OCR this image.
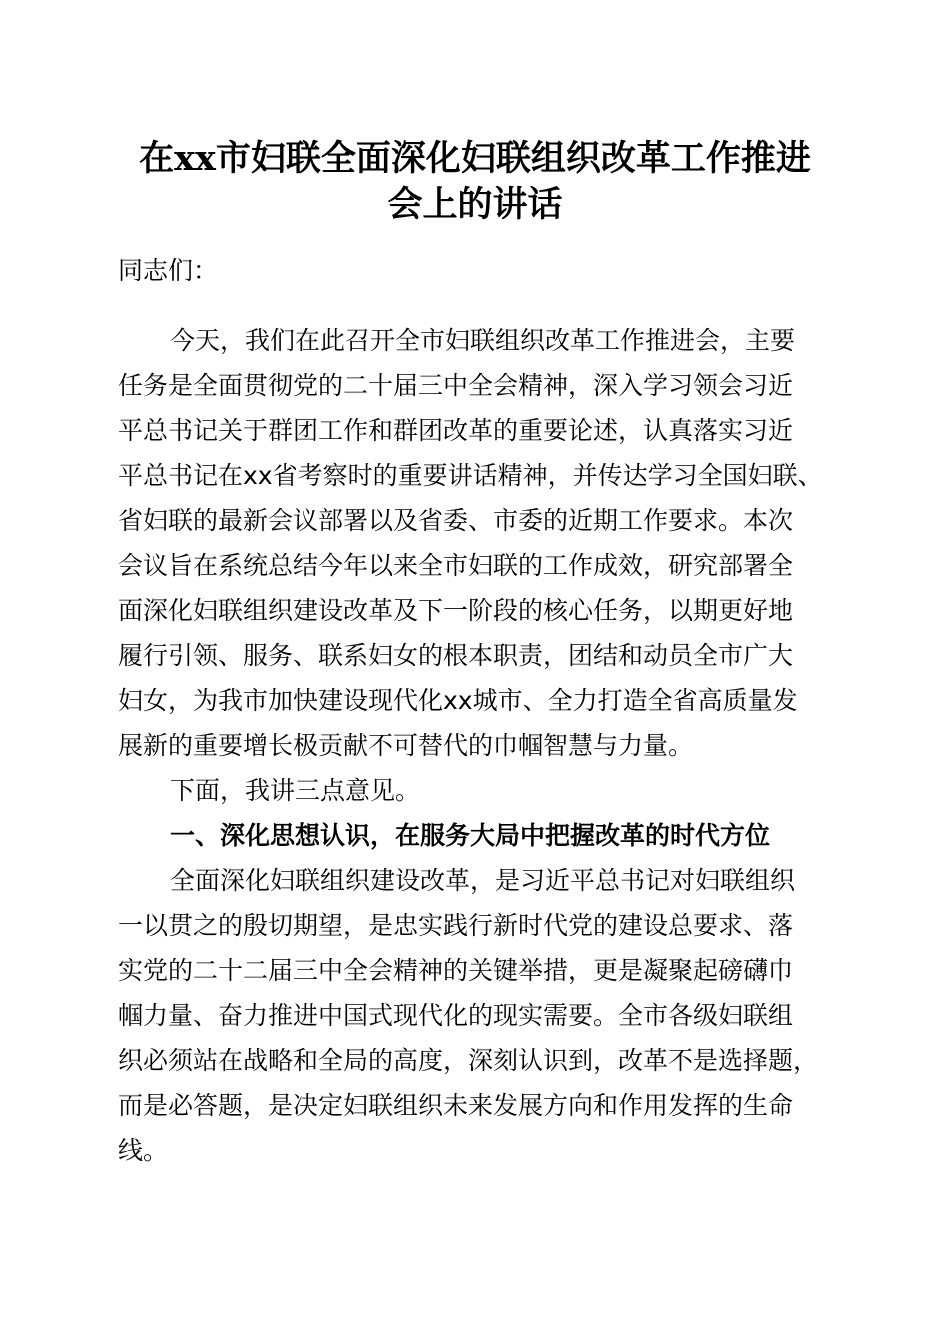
在xx市妇联全面深化妇联组织改革工作推进
会上的讲话
同志们：
今天，我们在此召开全市妇联组织改革工作推进会，主要
任务是全面贯彻党的二十届三中全会精神，深入学习领会习近
平总书记关于群团工作和群团改革的重要论述，认真落实习近
平总书记在xx省考察时的重要讲话精神，并传达学习全国妇联、
省妇联的最新会议部署以及省委、市委的近期工作要求。本次
会议旨在系统总结今年以来全市妇联的工作成效，研究部署全
面深化妇联组织建设改革及下一阶段的核心任务，以期更好地
履行引领、服务、联系妇女的根本职责，团结和动员全市广大
妇女，为我市加快建设现代化xx城市、全力打造全省高质量发
展新的重要增长极贡献不可替代的巾帼智慧与力量。
下面，我讲三点意见。
一、深化思想认识，在服务大局中把握改革的时代方位
全面深化妇联组织建设改革，是习近平总书记对妇联组织
一以贯之的殷切期望，是忠实践行新时代党的建设总要求、落
实党的二十二届三中全会精神的关键举措，更是凝聚起磅礴巾
帼力量、奋力推进中国式现代化的现实需要。全市各级妇联组
织必须站在战略和全局的高度，深刻认识到，改革不是选择题，
而是必答题，是决定妇联组织未来发展方向和作用发挥的生命
线。
